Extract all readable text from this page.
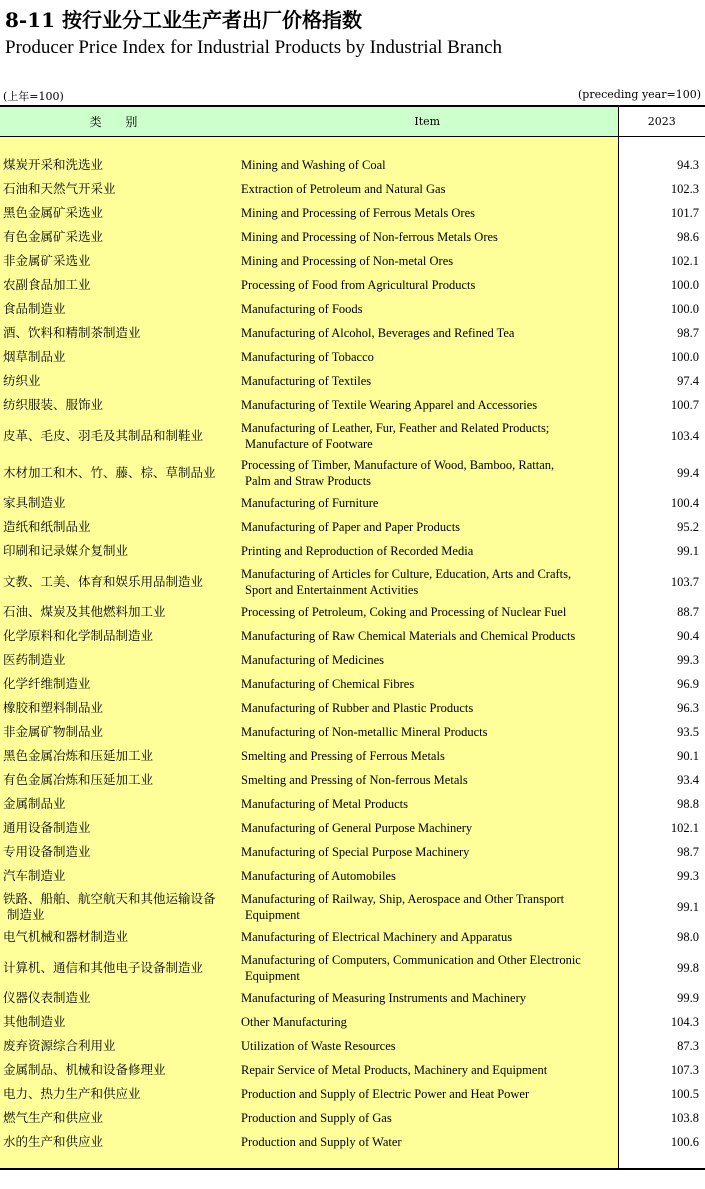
8-11 按行业分工业生产者出厂价格指数
Producer Price Index for Industrial Products by Industrial Branch
(上年=100)	(preceding year=100)
类 别	Item	2023

煤炭开采和洗选业	Mining and Washing of Coal	94.3

石油和天然气开采业	Extraction of Petroleum and Natural Gas	102.3

黑色金属矿采选业	Mining and Processing of Ferrous Metals Ores	101.7

有色金属矿采选业	Mining and Processing of Non-ferrous Metals Ores	98.6

非金属矿采选业	Mining and Processing of Non-metal Ores	102.1

农副食品加工业	Processing of Food from Agricultural Products	100.0

食品制造业	Manufacturing of Foods	100.0

酒、饮料和精制茶制造业	Manufacturing of Alcohol, Beverages and Refined Tea	98.7

烟草制品业	Manufacturing of Tobacco	100.0

纺织业	Manufacturing of Textiles	97.4

纺织服装、服饰业	Manufacturing of Textile Wearing Apparel and Accessories	100.7

皮革、毛皮、羽毛及其制品和制鞋业	Manufacturing of Leather, Fur, Feather and Related Products;
Manufacture of Footware	103.4

木材加工和木、竹、藤、棕、草制品业	Processing of Timber, Manufacture of Wood, Bamboo, Rattan,
Palm and Straw Products	99.4

家具制造业	Manufacturing of Furniture	100.4

造纸和纸制品业	Manufacturing of Paper and Paper Products	95.2

印刷和记录媒介复制业	Printing and Reproduction of Recorded Media	99.1

文教、工美、体育和娱乐用品制造业	Manufacturing of Articles for Culture, Education, Arts and Crafts,
Sport and Entertainment Activities	103.7

石油、煤炭及其他燃料加工业	Processing of Petroleum, Coking and Processing of Nuclear Fuel	88.7

化学原料和化学制品制造业	Manufacturing of Raw Chemical Materials and Chemical Products	90.4

医药制造业	Manufacturing of Medicines	99.3

化学纤维制造业	Manufacturing of Chemical Fibres	96.9

橡胶和塑料制品业	Manufacturing of Rubber and Plastic Products	96.3

非金属矿物制品业	Manufacturing of Non-metallic Mineral Products	93.5

黑色金属冶炼和压延加工业	Smelting and Pressing of Ferrous Metals	90.1

有色金属冶炼和压延加工业	Smelting and Pressing of Non-ferrous Metals	93.4

金属制品业	Manufacturing of Metal Products	98.8

通用设备制造业	Manufacturing of General Purpose Machinery	102.1

专用设备制造业	Manufacturing of Special Purpose Machinery	98.7

汽车制造业	Manufacturing of Automobiles	99.3

铁路、船舶、航空航天和其他运输设备
制造业	Manufacturing of Railway, Ship, Aerospace and Other Transport
Equipment	99.1

电气机械和器材制造业	Manufacturing of Electrical Machinery and Apparatus	98.0

计算机、通信和其他电子设备制造业	Manufacturing of Computers, Communication and Other Electronic
Equipment	99.8

仪器仪表制造业	Manufacturing of Measuring Instruments and Machinery	99.9

其他制造业	Other Manufacturing	104.3

废弃资源综合利用业	Utilization of Waste Resources	87.3

金属制品、机械和设备修理业	Repair Service of Metal Products, Machinery and Equipment	107.3

电力、热力生产和供应业	Production and Supply of Electric Power and Heat Power	100.5

燃气生产和供应业	Production and Supply of Gas	103.8

水的生产和供应业	Production and Supply of Water	100.6
